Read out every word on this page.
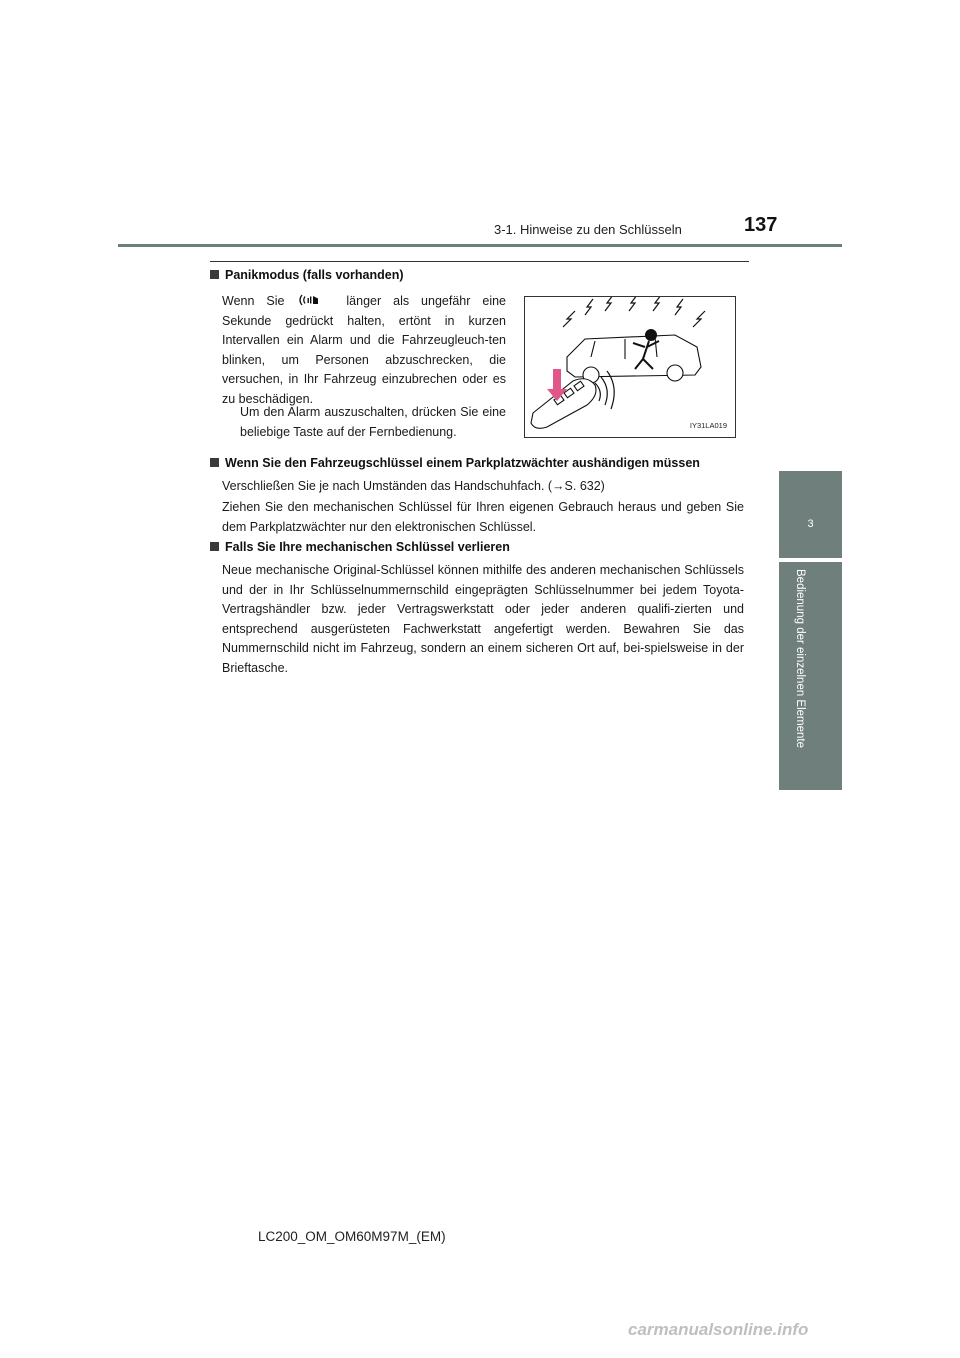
3-1. Hinweise zu den Schlüsseln	137
3
Bedienung der einzelnen Elemente
Panikmodus (falls vorhanden)
Wenn Sie	länger als ungefähr eine Sekunde gedrückt halten, ertönt in kurzen Intervallen ein Alarm und die Fahrzeugleuch-ten blinken, um Personen abzuschrecken, die versuchen, in Ihr Fahrzeug einzubrechen oder es zu beschädigen.
Um den Alarm auszuschalten, drücken Sie eine beliebige Taste auf der Fernbedienung.	IY31LA019
Wenn Sie den Fahrzeugschlüssel einem Parkplatzwächter aushändigen müssen
Verschließen Sie je nach Umständen das Handschuhfach. (→S. 632)
Ziehen Sie den mechanischen Schlüssel für Ihren eigenen Gebrauch heraus und geben Sie dem Parkplatzwächter nur den elektronischen Schlüssel.
Falls Sie Ihre mechanischen Schlüssel verlieren
Neue mechanische Original-Schlüssel können mithilfe des anderen mechanischen Schlüssels und der in Ihr Schlüsselnummernschild eingeprägten Schlüsselnummer bei jedem Toyota-Vertragshändler bzw. jeder Vertragswerkstatt oder jeder anderen qualifi-zierten und entsprechend ausgerüsteten Fachwerkstatt angefertigt werden. Bewahren Sie das Nummernschild nicht im Fahrzeug, sondern an einem sicheren Ort auf, bei-spielsweise in der Brieftasche.
LC200_OM_OM60M97M_(EM)
carmanualsonline.info
